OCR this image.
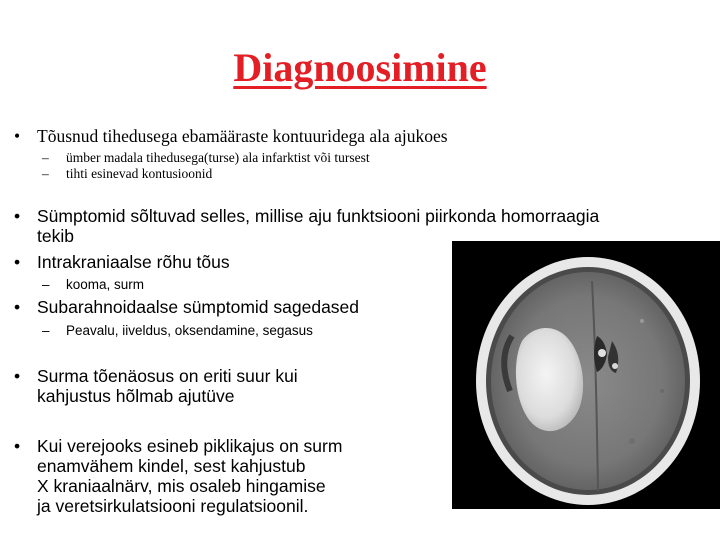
Diagnoosimine
• Tõusnud tihedusega ebamääraste kontuuridega ala ajukoes
– ümber madala tihedusega(turse) ala infarktist või tursest
– tihti esinevad kontusioonid
• Sümptomid sõltuvad selles, millise aju funktsiooni piirkonda homorraagia
tekib
• Intrakraniaalse rõhu tõus
– kooma, surm
• Subarahnoidaalse sümptomid sagedased
– Peavalu, iiveldus, oksendamine, segasus
• Surma tõenäosus on eriti suur kui
kahjustus hõlmab ajutüve
• Kui verejooks esineb piklikajus on surm
enamvähem kindel, sest kahjustub
X kraniaalnärv, mis osaleb hingamise
ja veretsirkulatsiooni regulatsioonil.
